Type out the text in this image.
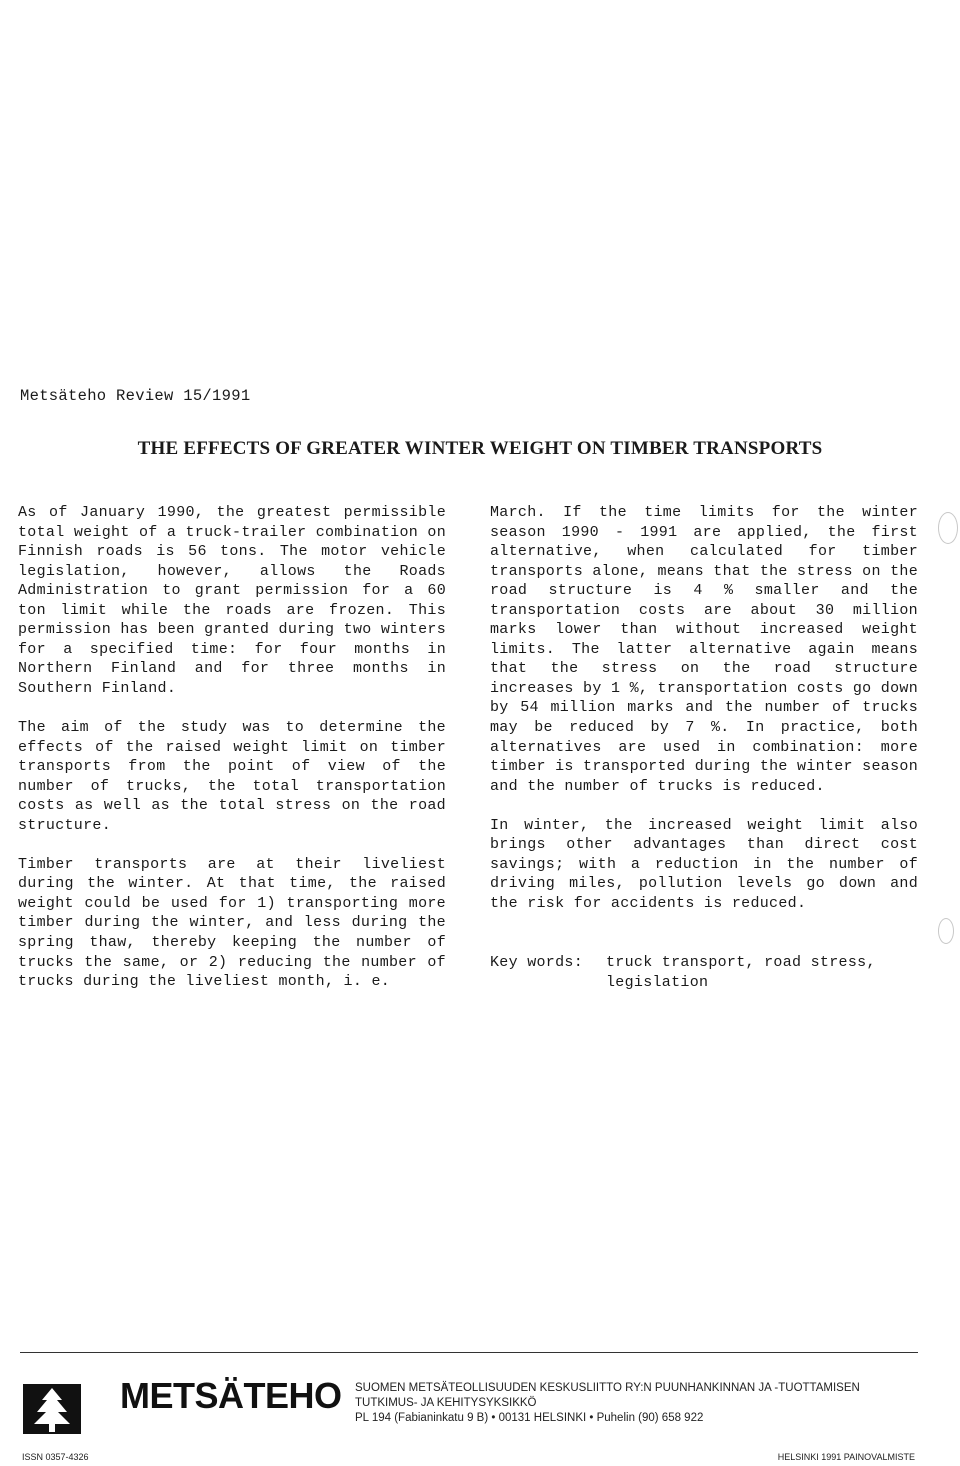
Metsäteho Review 15/1991
THE EFFECTS OF GREATER WINTER WEIGHT ON TIMBER TRANSPORTS

As of January 1990, the greatest permissible total weight of a truck-trailer combination on Finnish roads is 56 tons. The motor vehicle legislation, however, allows the Roads Administration to grant permission for a 60 ton limit while the roads are frozen. This permission has been granted during two winters for a specified time: for four months in Northern Finland and for three months in Southern Finland.

The aim of the study was to determine the effects of the raised weight limit on timber transports from the point of view of the number of trucks, the total transportation costs as well as the total stress on the road structure.

Timber transports are at their liveliest during the winter. At that time, the raised weight could be used for 1) transporting more timber during the winter, and less during the spring thaw, thereby keeping the number of trucks the same, or 2) reducing the number of trucks during the liveliest month, i. e.

March. If the time limits for the winter season 1990 - 1991 are applied, the first alternative, when calculated for timber transports alone, means that the stress on the road structure is 4 % smaller and the transportation costs are about 30 million marks lower than without increased weight limits. The latter alternative again means that the stress on the road structure increases by 1 %, transportation costs go down by 54 million marks and the number of trucks may be reduced by 7 %. In practice, both alternatives are used in combination: more timber is transported during the winter season and the number of trucks is reduced.

In winter, the increased weight limit also brings other advantages than direct cost savings; with a reduction in the number of driving miles, pollution levels go down and the risk for accidents is reduced.

Key words:	truck transport, road stress, legislation
METSÄTEHO SUOMEN METSÄTEOLLISUUDEN KESKUSLIITTO RY:N PUUNHANKINNAN JA -TUOTTAMISEN
TUTKIMUS- JA KEHITYSYKSIKKÖ
PL 194 (Fabianinkatu 9 B) • 00131 HELSINKI • Puhelin (90) 658 922
ISSN 0357-4326	HELSINKI 1991 PAINOVALMISTE
